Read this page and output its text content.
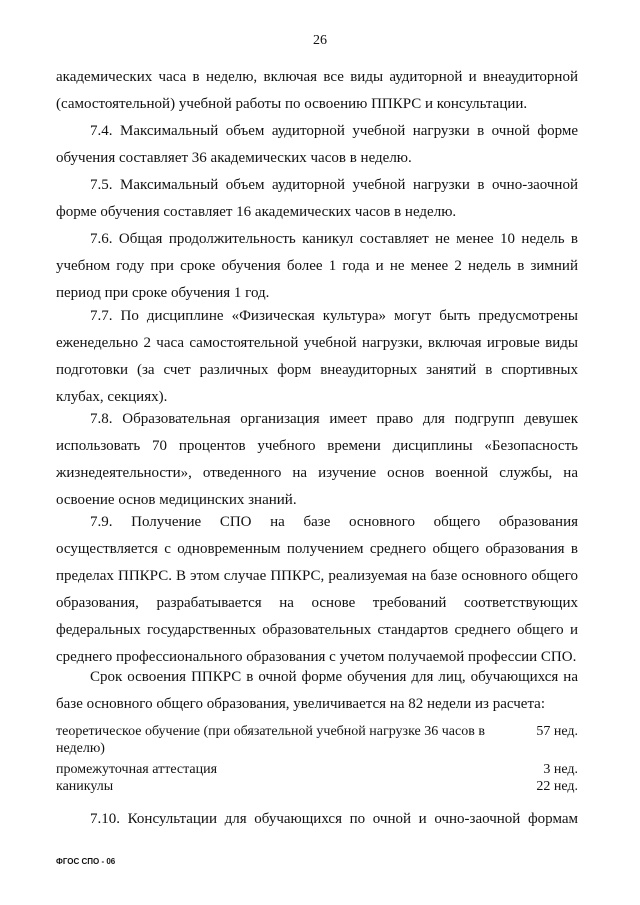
26

академических часа в неделю, включая все виды аудиторной и внеаудиторной (самостоятельной) учебной работы по освоению ППКРС и консультации.

7.4. Максимальный объем аудиторной учебной нагрузки в очной форме обучения составляет 36 академических часов в неделю.

7.5. Максимальный объем аудиторной учебной нагрузки в очно-заочной форме обучения составляет 16 академических часов в неделю.

7.6. Общая продолжительность каникул составляет не менее 10 недель в учебном году при сроке обучения более 1 года и не менее 2 недель в зимний период при сроке обучения 1 год.

7.7. По дисциплине «Физическая культура» могут быть предусмотрены еженедельно 2 часа самостоятельной учебной нагрузки, включая игровые виды подготовки (за счет различных форм внеаудиторных занятий в спортивных клубах, секциях).

7.8. Образовательная организация имеет право для подгрупп девушек использовать 70 процентов учебного времени дисциплины «Безопасность жизнедеятельности», отведенного на изучение основ военной службы, на освоение основ медицинских знаний.

7.9. Получение СПО на базе основного общего образования осуществляется с одновременным получением среднего общего образования в пределах ППКРС. В этом случае ППКРС, реализуемая на базе основного общего образования, разрабатывается на основе требований соответствующих федеральных государственных образовательных стандартов среднего общего и среднего профессионального образования с учетом получаемой профессии СПО.

Срок освоения ППКРС в очной форме обучения для лиц, обучающихся на базе основного общего образования, увеличивается на 82 недели из расчета:

теоретическое обучение (при обязательной учебной нагрузке 36 часов в неделю)
57 нед.
промежуточная аттестация	3 нед.
каникулы	22 нед.

7.10. Консультации для обучающихся по очной и очно-заочной формам

ФГОС СПО - 06
